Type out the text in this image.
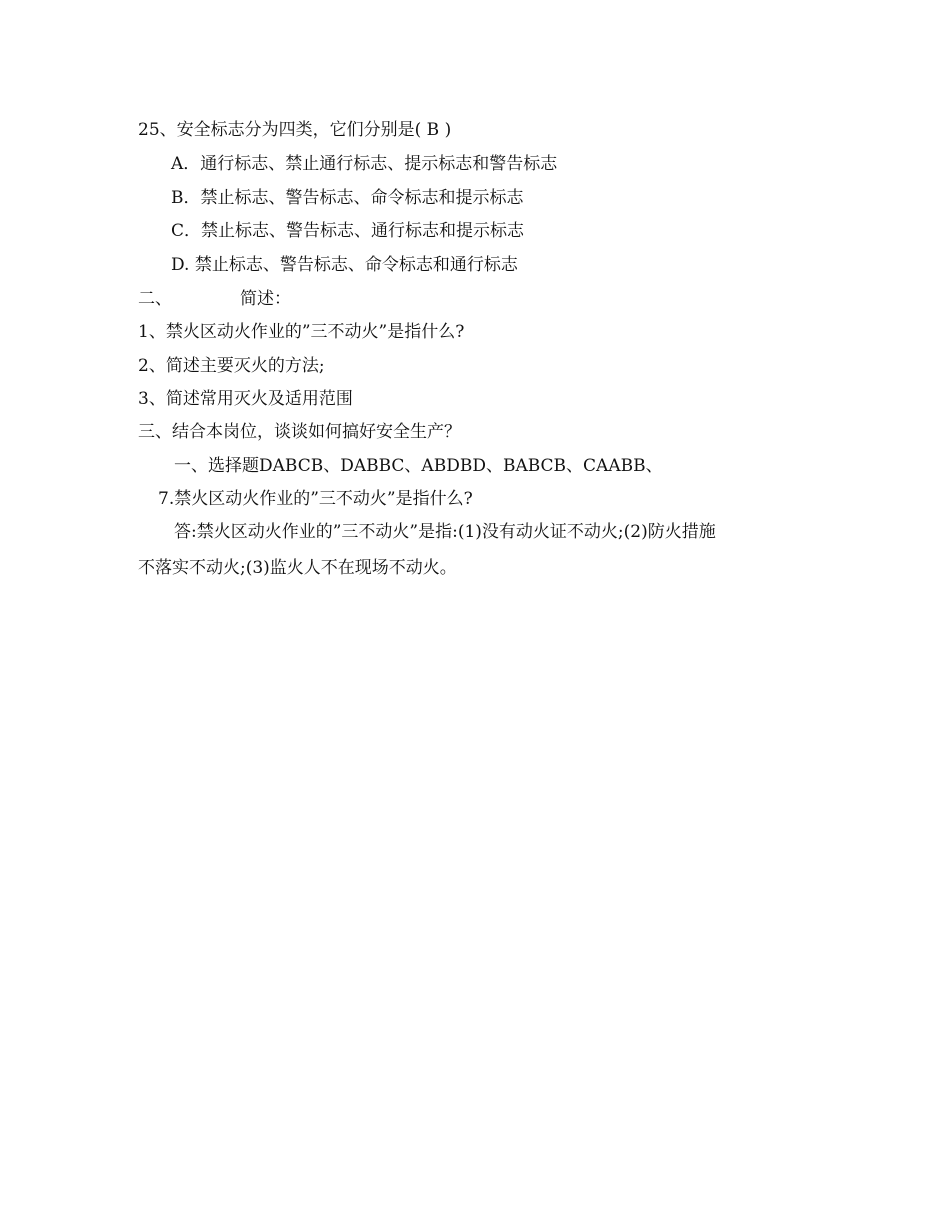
25、安全标志分为四类，它们分别是( B )
A．通行标志、禁止通行标志、提示标志和警告标志
B．禁止标志、警告标志、命令标志和提示标志
C．禁止标志、警告标志、通行标志和提示标志
D. 禁止标志、警告标志、命令标志和通行标志
二、	简述：
1、禁火区动火作业的”三不动火”是指什么?
2、简述主要灭火的方法;
3、简述常用灭火及适用范围
三、结合本岗位，谈谈如何搞好安全生产？
一、选择题DABCB、DABBC、ABDBD、BABCB、CAABB、
7.禁火区动火作业的”三不动火”是指什么?
答:禁火区动火作业的”三不动火”是指:(1)没有动火证不动火;(2)防火措施
不落实不动火;(3)监火人不在现场不动火。
